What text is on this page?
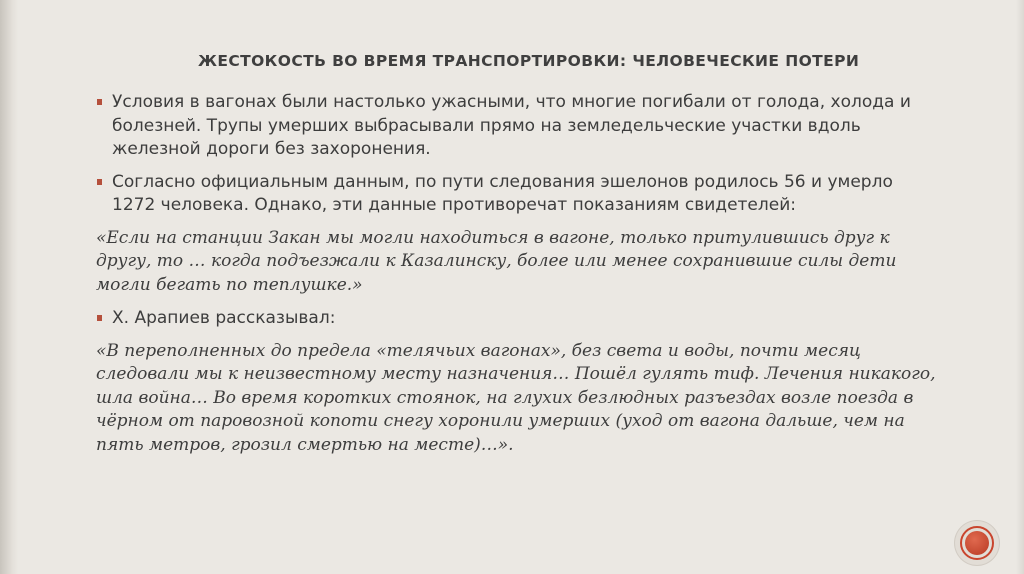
ЖЕСТОКОСТЬ ВО ВРЕМЯ ТРАНСПОРТИРОВКИ: ЧЕЛОВЕЧЕСКИЕ ПОТЕРИ
Условия в вагонах были настолько ужасными, что многие погибали от голода, холода и болезней. Трупы умерших выбрасывали прямо на земледельческие участки вдоль железной дороги без захоронения.
Согласно официальным данным, по пути следования эшелонов родилось 56 и умерло 1272 человека. Однако, эти данные противоречат показаниям свидетелей:
«Если на станции Закан мы могли находиться в вагоне, только притулившись друг к другу, то … когда подъезжали к Казалинску, более или менее сохранившие силы дети могли бегать по теплушке.»
Х. Арапиев рассказывал:
«В переполненных до предела «телячьих вагонах», без света и воды, почти месяц следовали мы к неизвестному месту назначения… Пошёл гулять тиф. Лечения никакого, шла война… Во время коротких стоянок, на глухих безлюдных разъездах возле поезда в чёрном от паровозной копоти снегу хоронили умерших (уход от вагона дальше, чем на пять метров, грозил смертью на месте)…».
